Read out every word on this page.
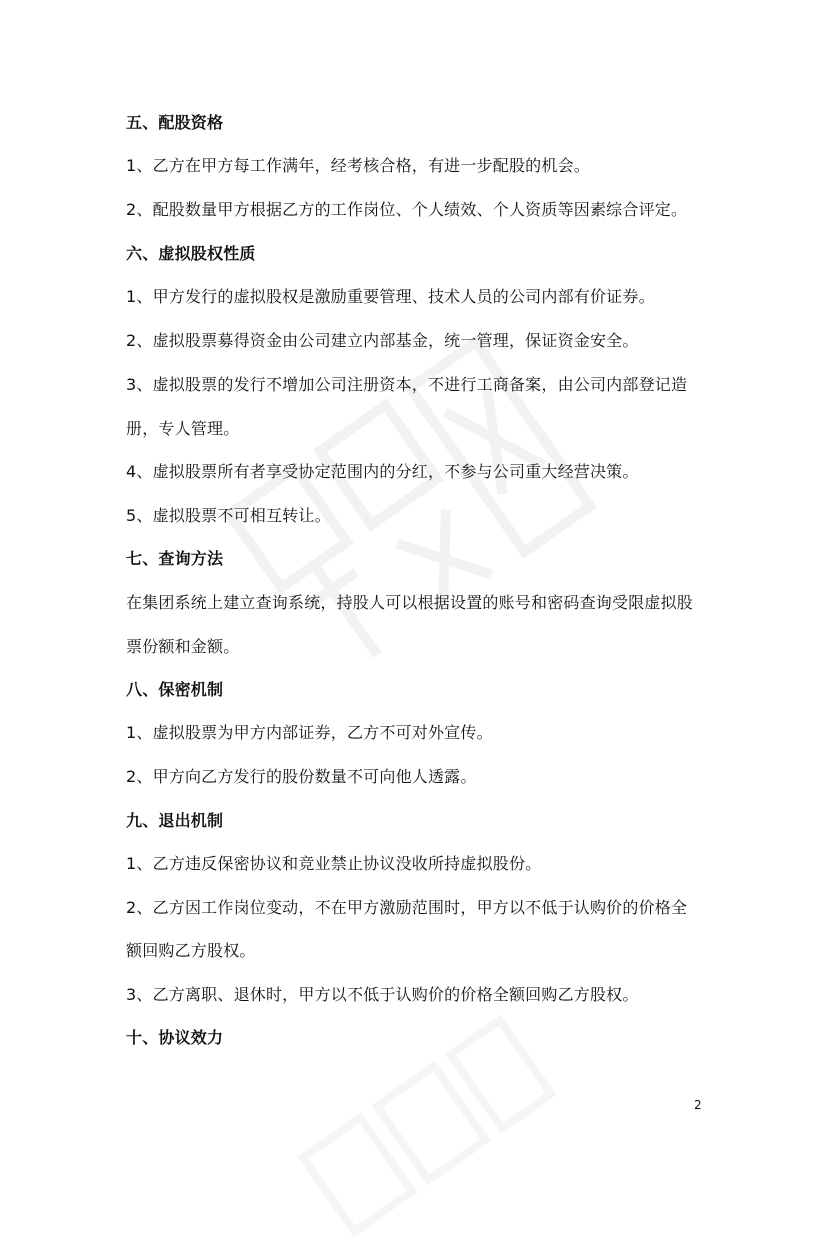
五、配股资格
1、乙方在甲方每工作满年，经考核合格，有进一步配股的机会。
2、配股数量甲方根据乙方的工作岗位、个人绩效、个人资质等因素综合评定。
六、虚拟股权性质
1、甲方发行的虚拟股权是激励重要管理、技术人员的公司内部有价证券。
2、虚拟股票募得资金由公司建立内部基金，统一管理，保证资金安全。
3、虚拟股票的发行不增加公司注册资本，不进行工商备案，由公司内部登记造
册，专人管理。
4、虚拟股票所有者享受协定范围内的分红，不参与公司重大经营决策。
5、虚拟股票不可相互转让。
七、查询方法
在集团系统上建立查询系统，持股人可以根据设置的账号和密码查询受限虚拟股
票份额和金额。
八、保密机制
1、虚拟股票为甲方内部证券，乙方不可对外宣传。
2、甲方向乙方发行的股份数量不可向他人透露。
九、退出机制
1、乙方违反保密协议和竞业禁止协议没收所持虚拟股份。
2、乙方因工作岗位变动，不在甲方激励范围时，甲方以不低于认购价的价格全
额回购乙方股权。
3、乙方离职、退休时，甲方以不低于认购价的价格全额回购乙方股权。
十、协议效力
2
